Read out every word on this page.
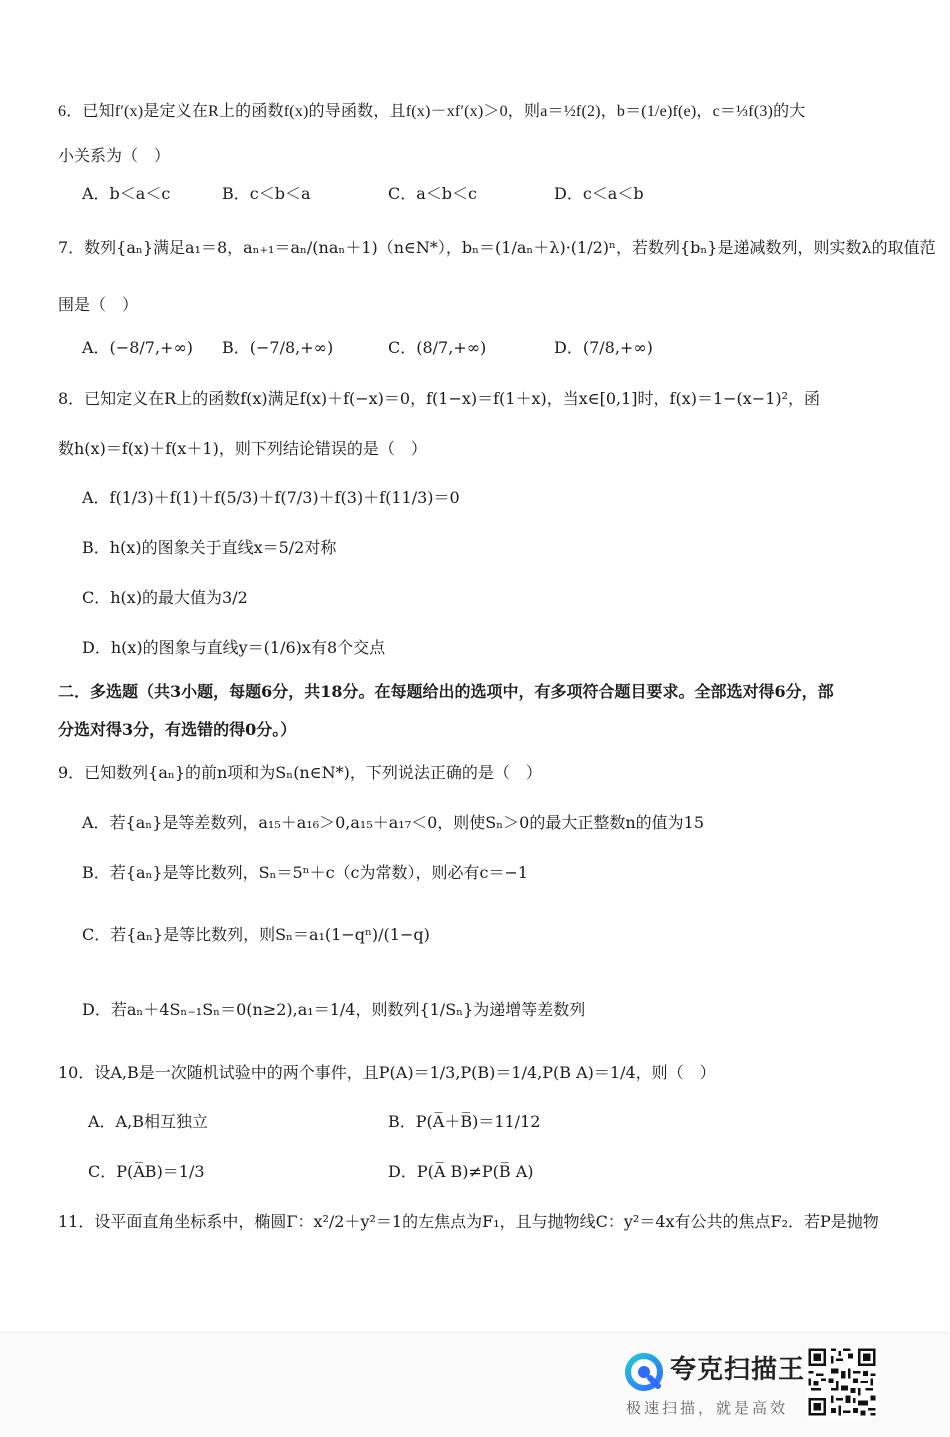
6．已知f′(x)是定义在R上的函数f(x)的导函数，且f(x)－xf′(x)＞0，则a＝½f(2)，b＝(1/e)f(e)，c＝⅓f(3)的大
小关系为（　）
A．b＜a＜c	B．c＜b＜a	C．a＜b＜c	D．c＜a＜b
7．数列{aₙ}满足a₁＝8，aₙ₊₁＝aₙ/(naₙ＋1)（n∈N*），bₙ＝(1/aₙ＋λ)·(1/2)ⁿ，若数列{bₙ}是递减数列，则实数λ的取值范
围是（　）
A．(−8/7,+∞) B．(−7/8,+∞)	C．(8/7,+∞)	D．(7/8,+∞)
8．已知定义在R上的函数f(x)满足f(x)＋f(−x)＝0，f(1−x)＝f(1＋x)，当x∈[0,1]时，f(x)＝1−(x−1)²，函
数h(x)＝f(x)＋f(x＋1)，则下列结论错误的是（　）
A．f(1/3)＋f(1)＋f(5/3)＋f(7/3)＋f(3)＋f(11/3)＝0
B．h(x)的图象关于直线x＝5/2对称
C．h(x)的最大值为3/2
D．h(x)的图象与直线y＝(1/6)x有8个交点
二．多选题（共3小题，每题6分，共18分。在每题给出的选项中，有多项符合题目要求。全部选对得6分，部
分选对得3分，有选错的得0分。）
9．已知数列{aₙ}的前n项和为Sₙ(n∈N*)，下列说法正确的是（　）
A．若{aₙ}是等差数列，a₁₅＋a₁₆＞0,a₁₅＋a₁₇＜0，则使Sₙ＞0的最大正整数n的值为15
B．若{aₙ}是等比数列，Sₙ＝5ⁿ＋c（c为常数），则必有c＝−1
C．若{aₙ}是等比数列，则Sₙ＝a₁(1−qⁿ)/(1−q)
D．若aₙ＋4Sₙ₋₁Sₙ＝0(n≥2),a₁＝1/4，则数列{1/Sₙ}为递增等差数列
10．设A,B是一次随机试验中的两个事件，且P(A)＝1/3,P(B)＝1/4,P(B A)＝1/4，则（　）
A．A,B相互独立	B．P(A̅＋B̅)＝11/12
C．P(A̅B)＝1/3	D．P(A̅ B)≠P(B̅ A)
11．设平面直角坐标系中，椭圆Γ：x²/2＋y²＝1的左焦点为F₁，且与抛物线C：y²＝4x有公共的焦点F₂．若P是抛物
夸克扫描王
极速扫描，就是高效
